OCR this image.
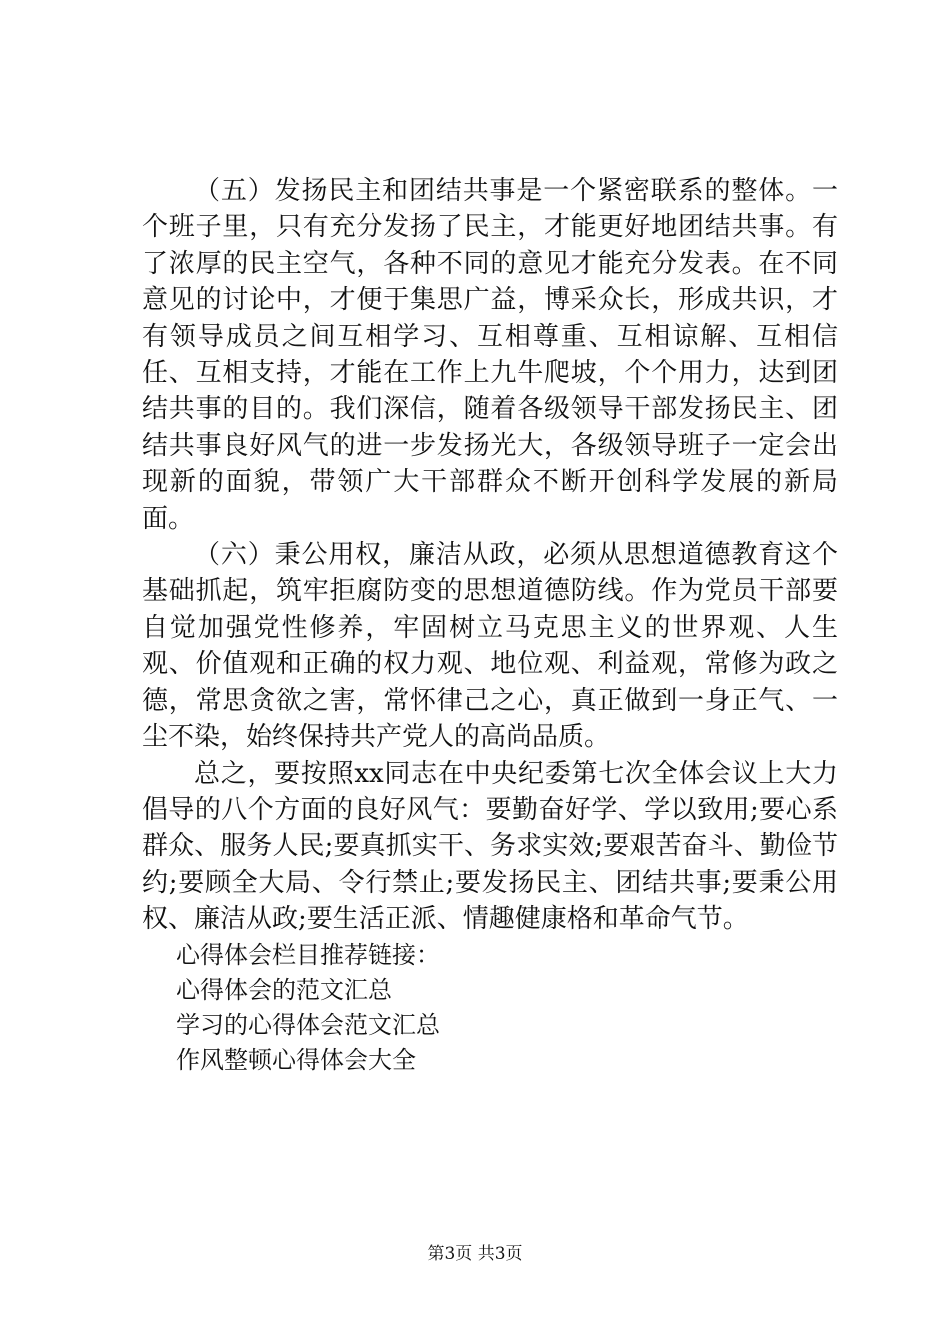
（五）发扬民主和团结共事是一个紧密联系的整体。一个班子里，只有充分发扬了民主，才能更好地团结共事。有了浓厚的民主空气，各种不同的意见才能充分发表。在不同意见的讨论中，才便于集思广益，博采众长，形成共识，才有领导成员之间互相学习、互相尊重、互相谅解、互相信任、互相支持，才能在工作上九牛爬坡，个个用力，达到团结共事的目的。我们深信，随着各级领导干部发扬民主、团结共事良好风气的进一步发扬光大，各级领导班子一定会出现新的面貌，带领广大干部群众不断开创科学发展的新局面。

（六）秉公用权，廉洁从政，必须从思想道德教育这个基础抓起，筑牢拒腐防变的思想道德防线。作为党员干部要自觉加强党性修养，牢固树立马克思主义的世界观、人生观、价值观和正确的权力观、地位观、利益观，常修为政之德，常思贪欲之害，常怀律己之心，真正做到一身正气、一尘不染，始终保持共产党人的高尚品质。

总之，要按照xx同志在中央纪委第七次全体会议上大力倡导的八个方面的良好风气：要勤奋好学、学以致用;要心系群众、服务人民;要真抓实干、务求实效;要艰苦奋斗、勤俭节约;要顾全大局、令行禁止;要发扬民主、团结共事;要秉公用权、廉洁从政;要生活正派、情趣健康格和革命气节。

心得体会栏目推荐链接：

心得体会的范文汇总

学习的心得体会范文汇总

作风整顿心得体会大全

第3页 共3页
